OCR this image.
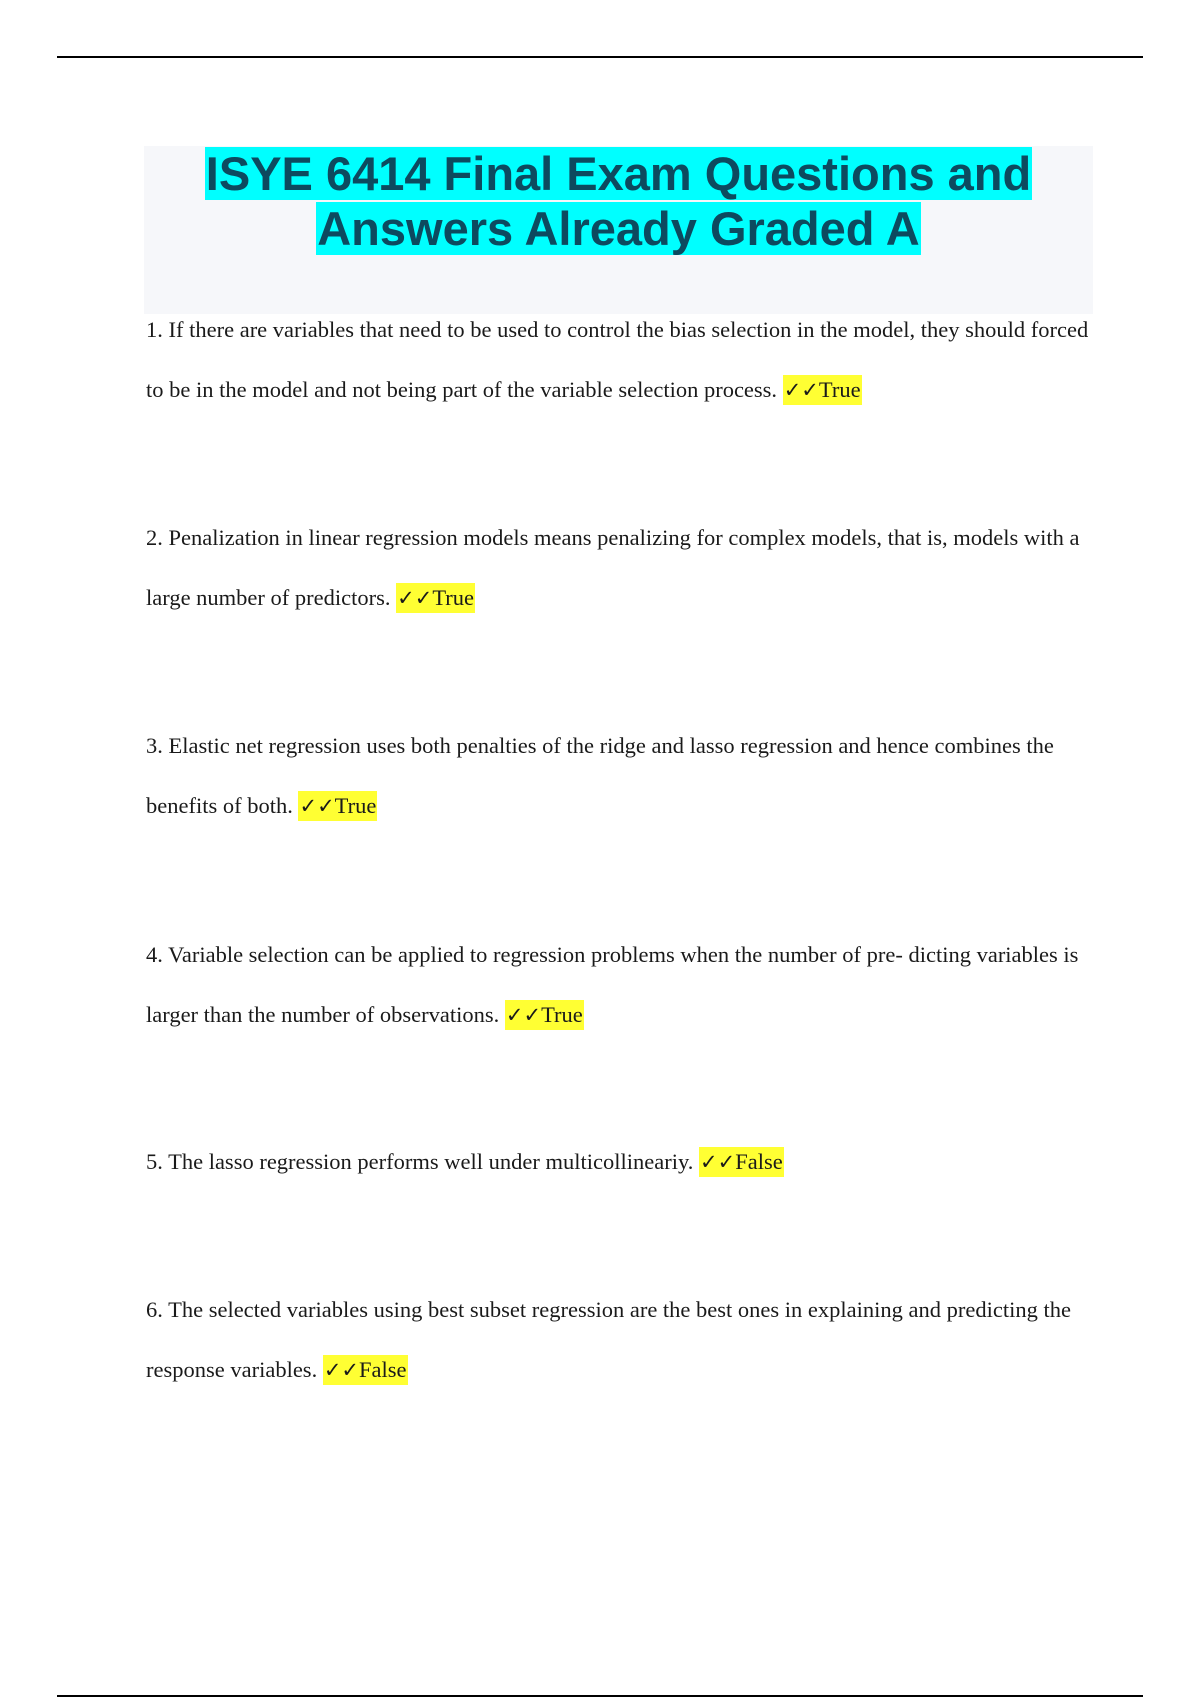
ISYE 6414 Final Exam Questions and
Answers Already Graded A

1. If there are variables that need to be used to control the bias selection in the model, they should forced to be in the model and not being part of the variable selection process. ✓✓True

2. Penalization in linear regression models means penalizing for complex models, that is, models with a large number of predictors. ✓✓True

3. Elastic net regression uses both penalties of the ridge and lasso regression and hence combines the benefits of both. ✓✓True

4. Variable selection can be applied to regression problems when the number of pre- dicting variables is larger than the number of observations. ✓✓True

5. The lasso regression performs well under multicollineariy. ✓✓False

6. The selected variables using best subset regression are the best ones in explaining and predicting the response variables. ✓✓False
